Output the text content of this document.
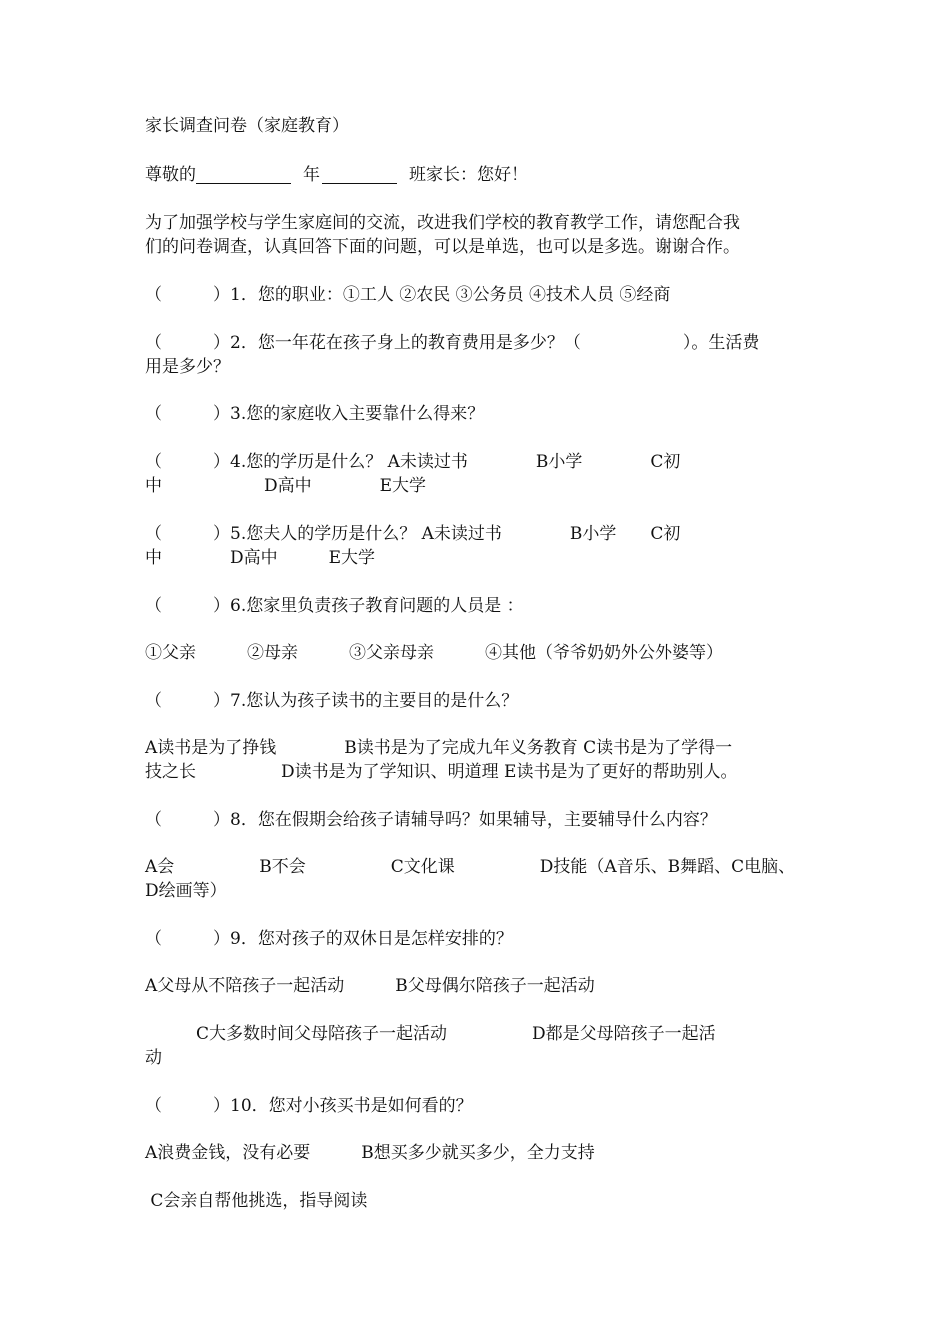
家长调查问卷（家庭教育）
尊敬的	年	班家长：您好！
为了加强学校与学生家庭间的交流，改进我们学校的教育教学工作，请您配合我
们的问卷调查，认真回答下面的问题，可以是单选，也可以是多选。谢谢合作。
（　　　）1．您的职业：①工人 ②农民 ③公务员 ④技术人员 ⑤经商
（　　　）2．您一年花在孩子身上的教育费用是多少？（　　　　　　）。生活费
用是多少？
（　　　）3.您的家庭收入主要靠什么得来？
（　　　）4.您的学历是什么？ A未读过书　　　　B小学　　　　C初
中　　　　　　D高中　　　　E大学
（　　　）5.您夫人的学历是什么？ A未读过书　　　　B小学　　C初
中　　　　D高中　　　E大学
（　　　）6.您家里负责孩子教育问题的人员是 ：
①父亲　　　②母亲　　　③父亲母亲　　　④其他（爷爷奶奶外公外婆等）
（　　　）7.您认为孩子读书的主要目的是什么？
A读书是为了挣钱　　　　B读书是为了完成九年义务教育 C读书是为了学得一
技之长　　　　　D读书是为了学知识、明道理 E读书是为了更好的帮助别人。
（　　　）8．您在假期会给孩子请辅导吗？如果辅导，主要辅导什么内容？
A会　　　　　B不会　　　　　C文化课　　　　　D技能（A音乐、B舞蹈、C电脑、
D绘画等）
（　　　）9．您对孩子的双休日是怎样安排的？
A父母从不陪孩子一起活动　　　B父母偶尔陪孩子一起活动
　　　C大多数时间父母陪孩子一起活动　　　　　D都是父母陪孩子一起活
动
（　　　）10．您对小孩买书是如何看的？
A浪费金钱，没有必要　　　B想买多少就买多少，全力支持
C会亲自帮他挑选，指导阅读
